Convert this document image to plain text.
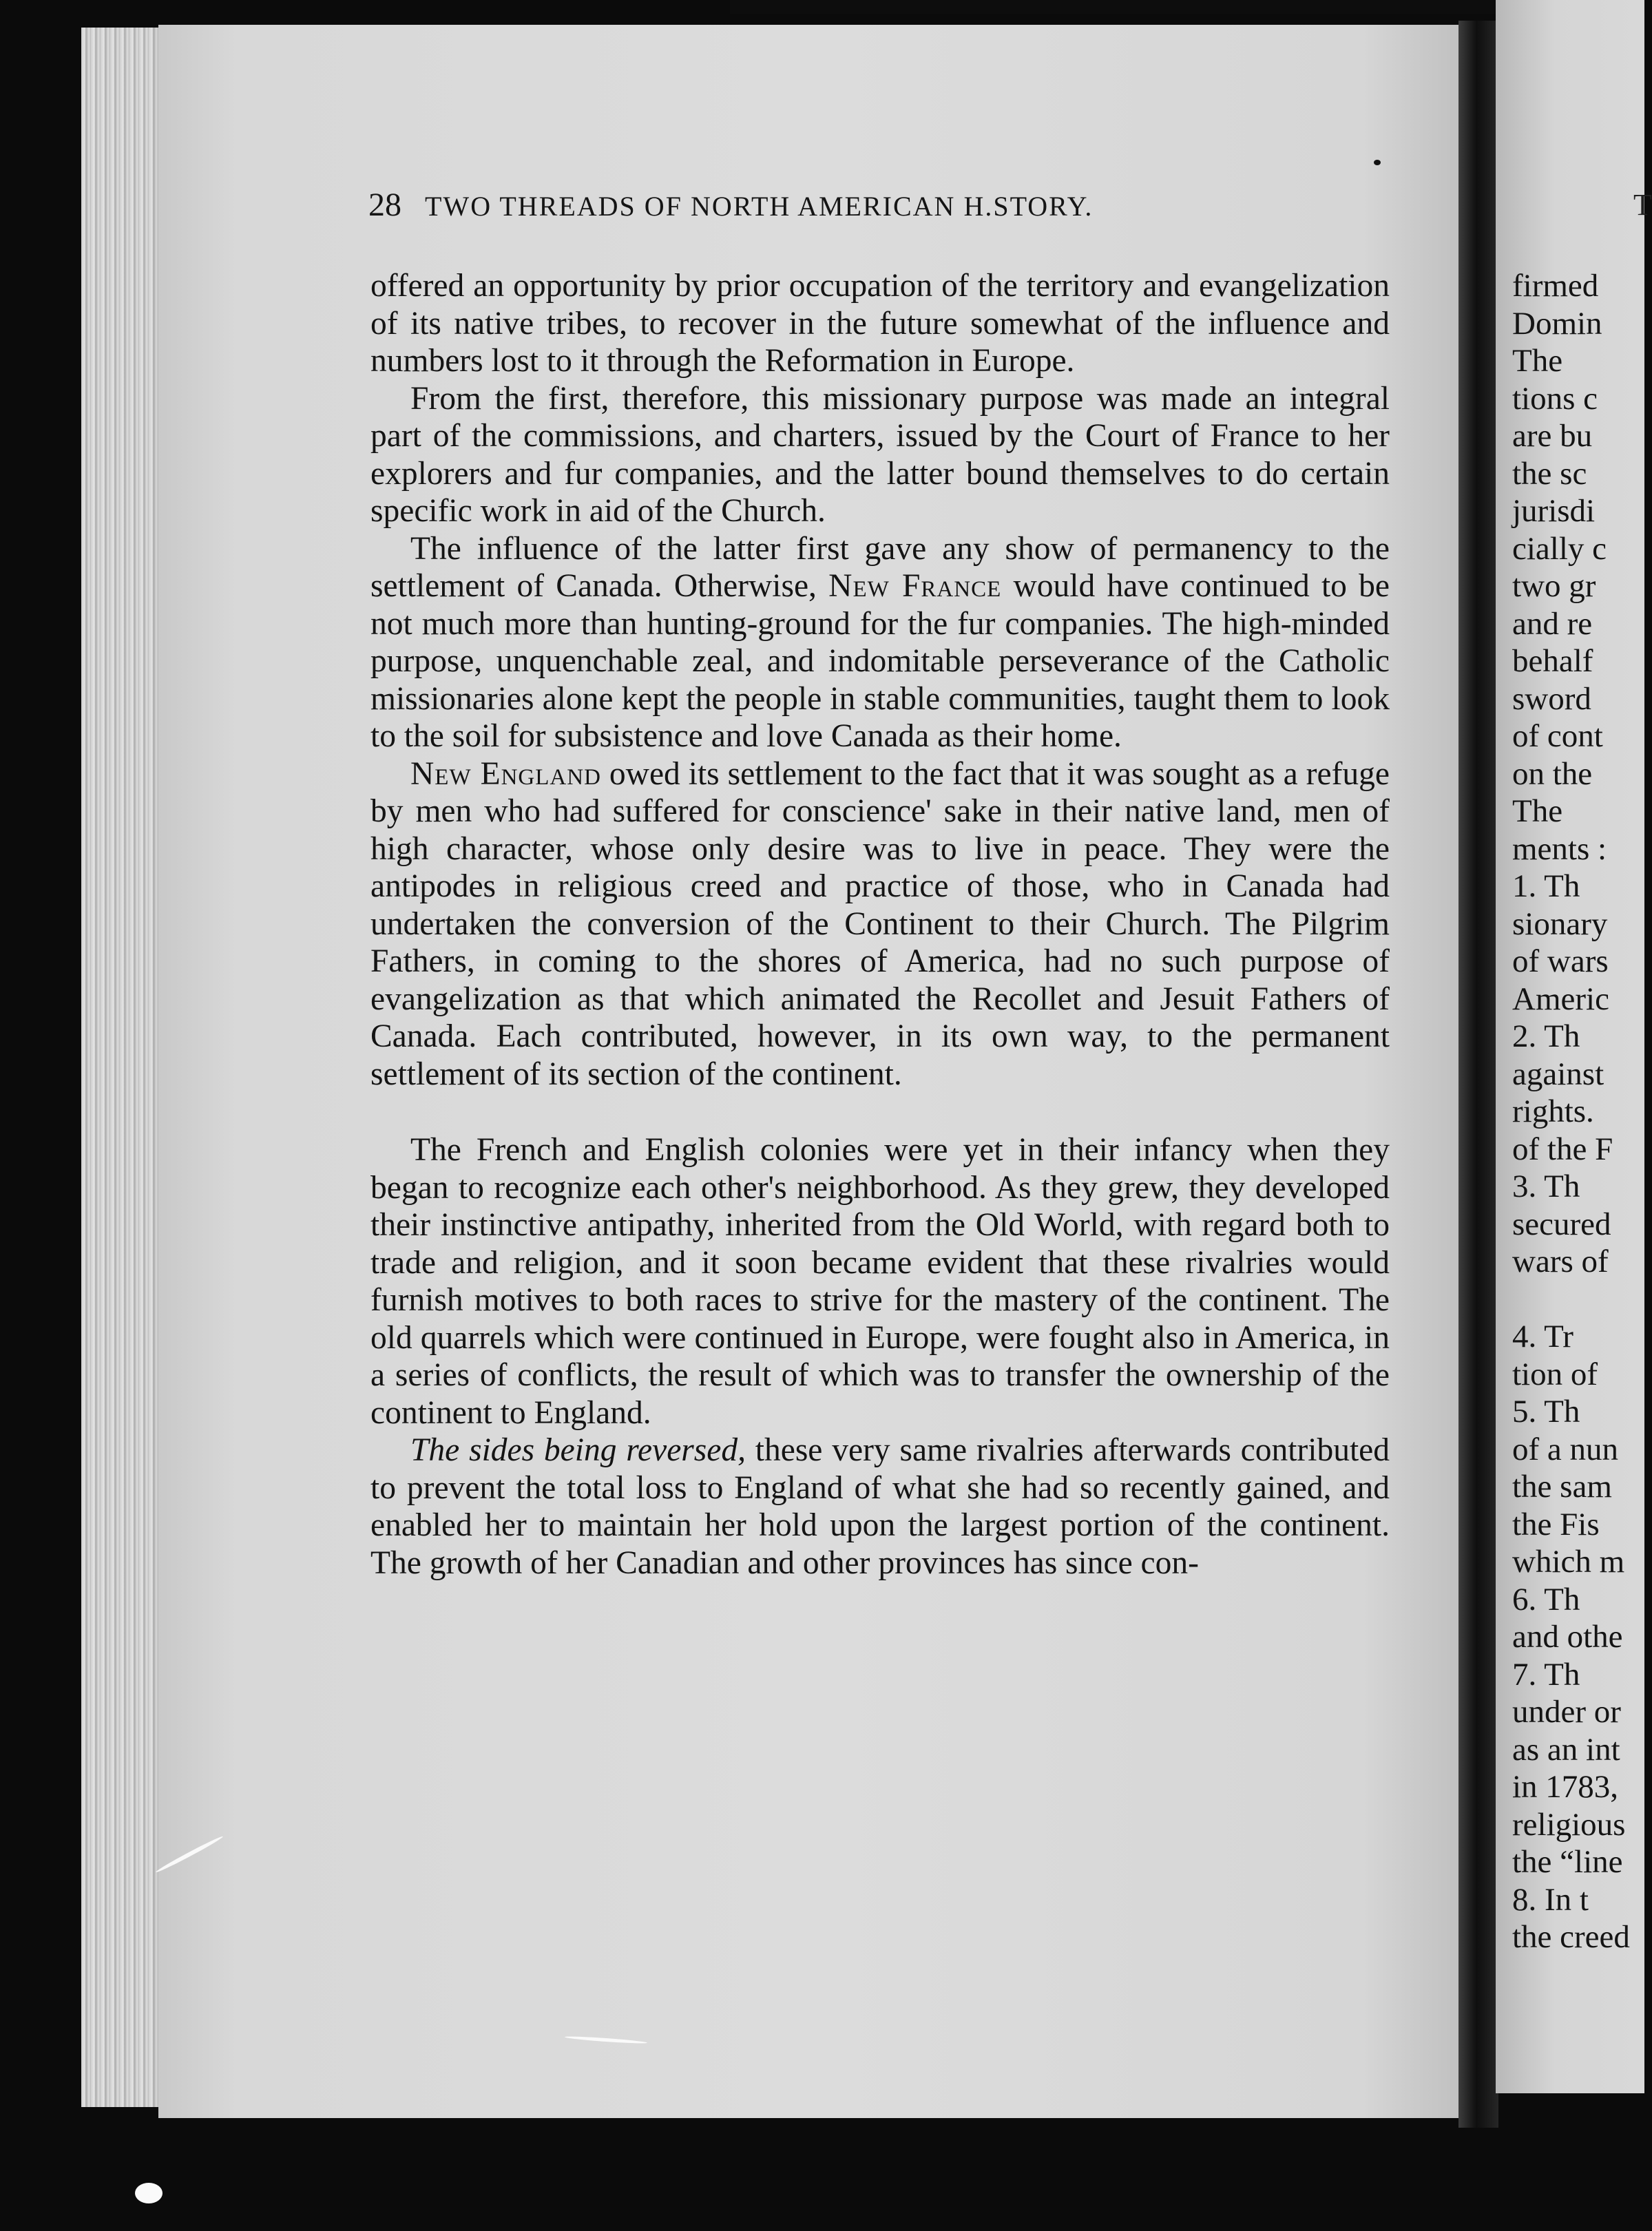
28 TWO THREADS OF NORTH AMERICAN H.STORY.

offered an opportunity by prior occupation of the territory and evangelization of its native tribes, to recover in the future somewhat of the influence and numbers lost to it through the Reformation in Europe.

From the first, therefore, this missionary purpose was made an integral part of the commissions, and charters, issued by the Court of France to her explorers and fur companies, and the latter bound themselves to do certain specific work in aid of the Church.

The influence of the latter first gave any show of permanency to the settlement of Canada. Otherwise, New France would have continued to be not much more than hunting-ground for the fur companies. The high-minded purpose, unquenchable zeal, and indomitable perseverance of the Catholic missionaries alone kept the people in stable communities, taught them to look to the soil for subsistence and love Canada as their home.

New England owed its settlement to the fact that it was sought as a refuge by men who had suffered for conscience' sake in their native land, men of high character, whose only desire was to live in peace. They were the antipodes in religious creed and practice of those, who in Canada had undertaken the conversion of the Continent to their Church. The Pilgrim Fathers, in coming to the shores of America, had no such purpose of evangelization as that which animated the Recollet and Jesuit Fathers of Canada. Each contributed, however, in its own way, to the permanent settlement of its section of the continent.

The French and English colonies were yet in their infancy when they began to recognize each other's neighborhood. As they grew, they developed their instinctive antipathy, inherited from the Old World, with regard both to trade and religion, and it soon became evident that these rivalries would furnish motives to both races to strive for the mastery of the continent. The old quarrels which were continued in Europe, were fought also in America, in a series of conflicts, the result of which was to transfer the ownership of the continent to England.

The sides being reversed, these very same rivalries afterwards contributed to prevent the total loss to England of what she had so recently gained, and enabled her to maintain her hold upon the largest portion of the continent. The growth of her Canadian and other provinces has since con-

T
firmed
Domin
The
tions c
are bu
the sc
jurisdi
cially c
two gr
and re
behalf
sword
of cont
on the
The
ments :
1. Th
sionary
of wars
Americ
2. Th
against
rights.
of the F
3. Th
secured
wars of
4. Tr
tion of
5. Th
of a nun
the sam
the Fis
which m
6. Th
and othe
7. Th
under or
as an int
in 1783,
religious
the “line
8. In t
the creed
